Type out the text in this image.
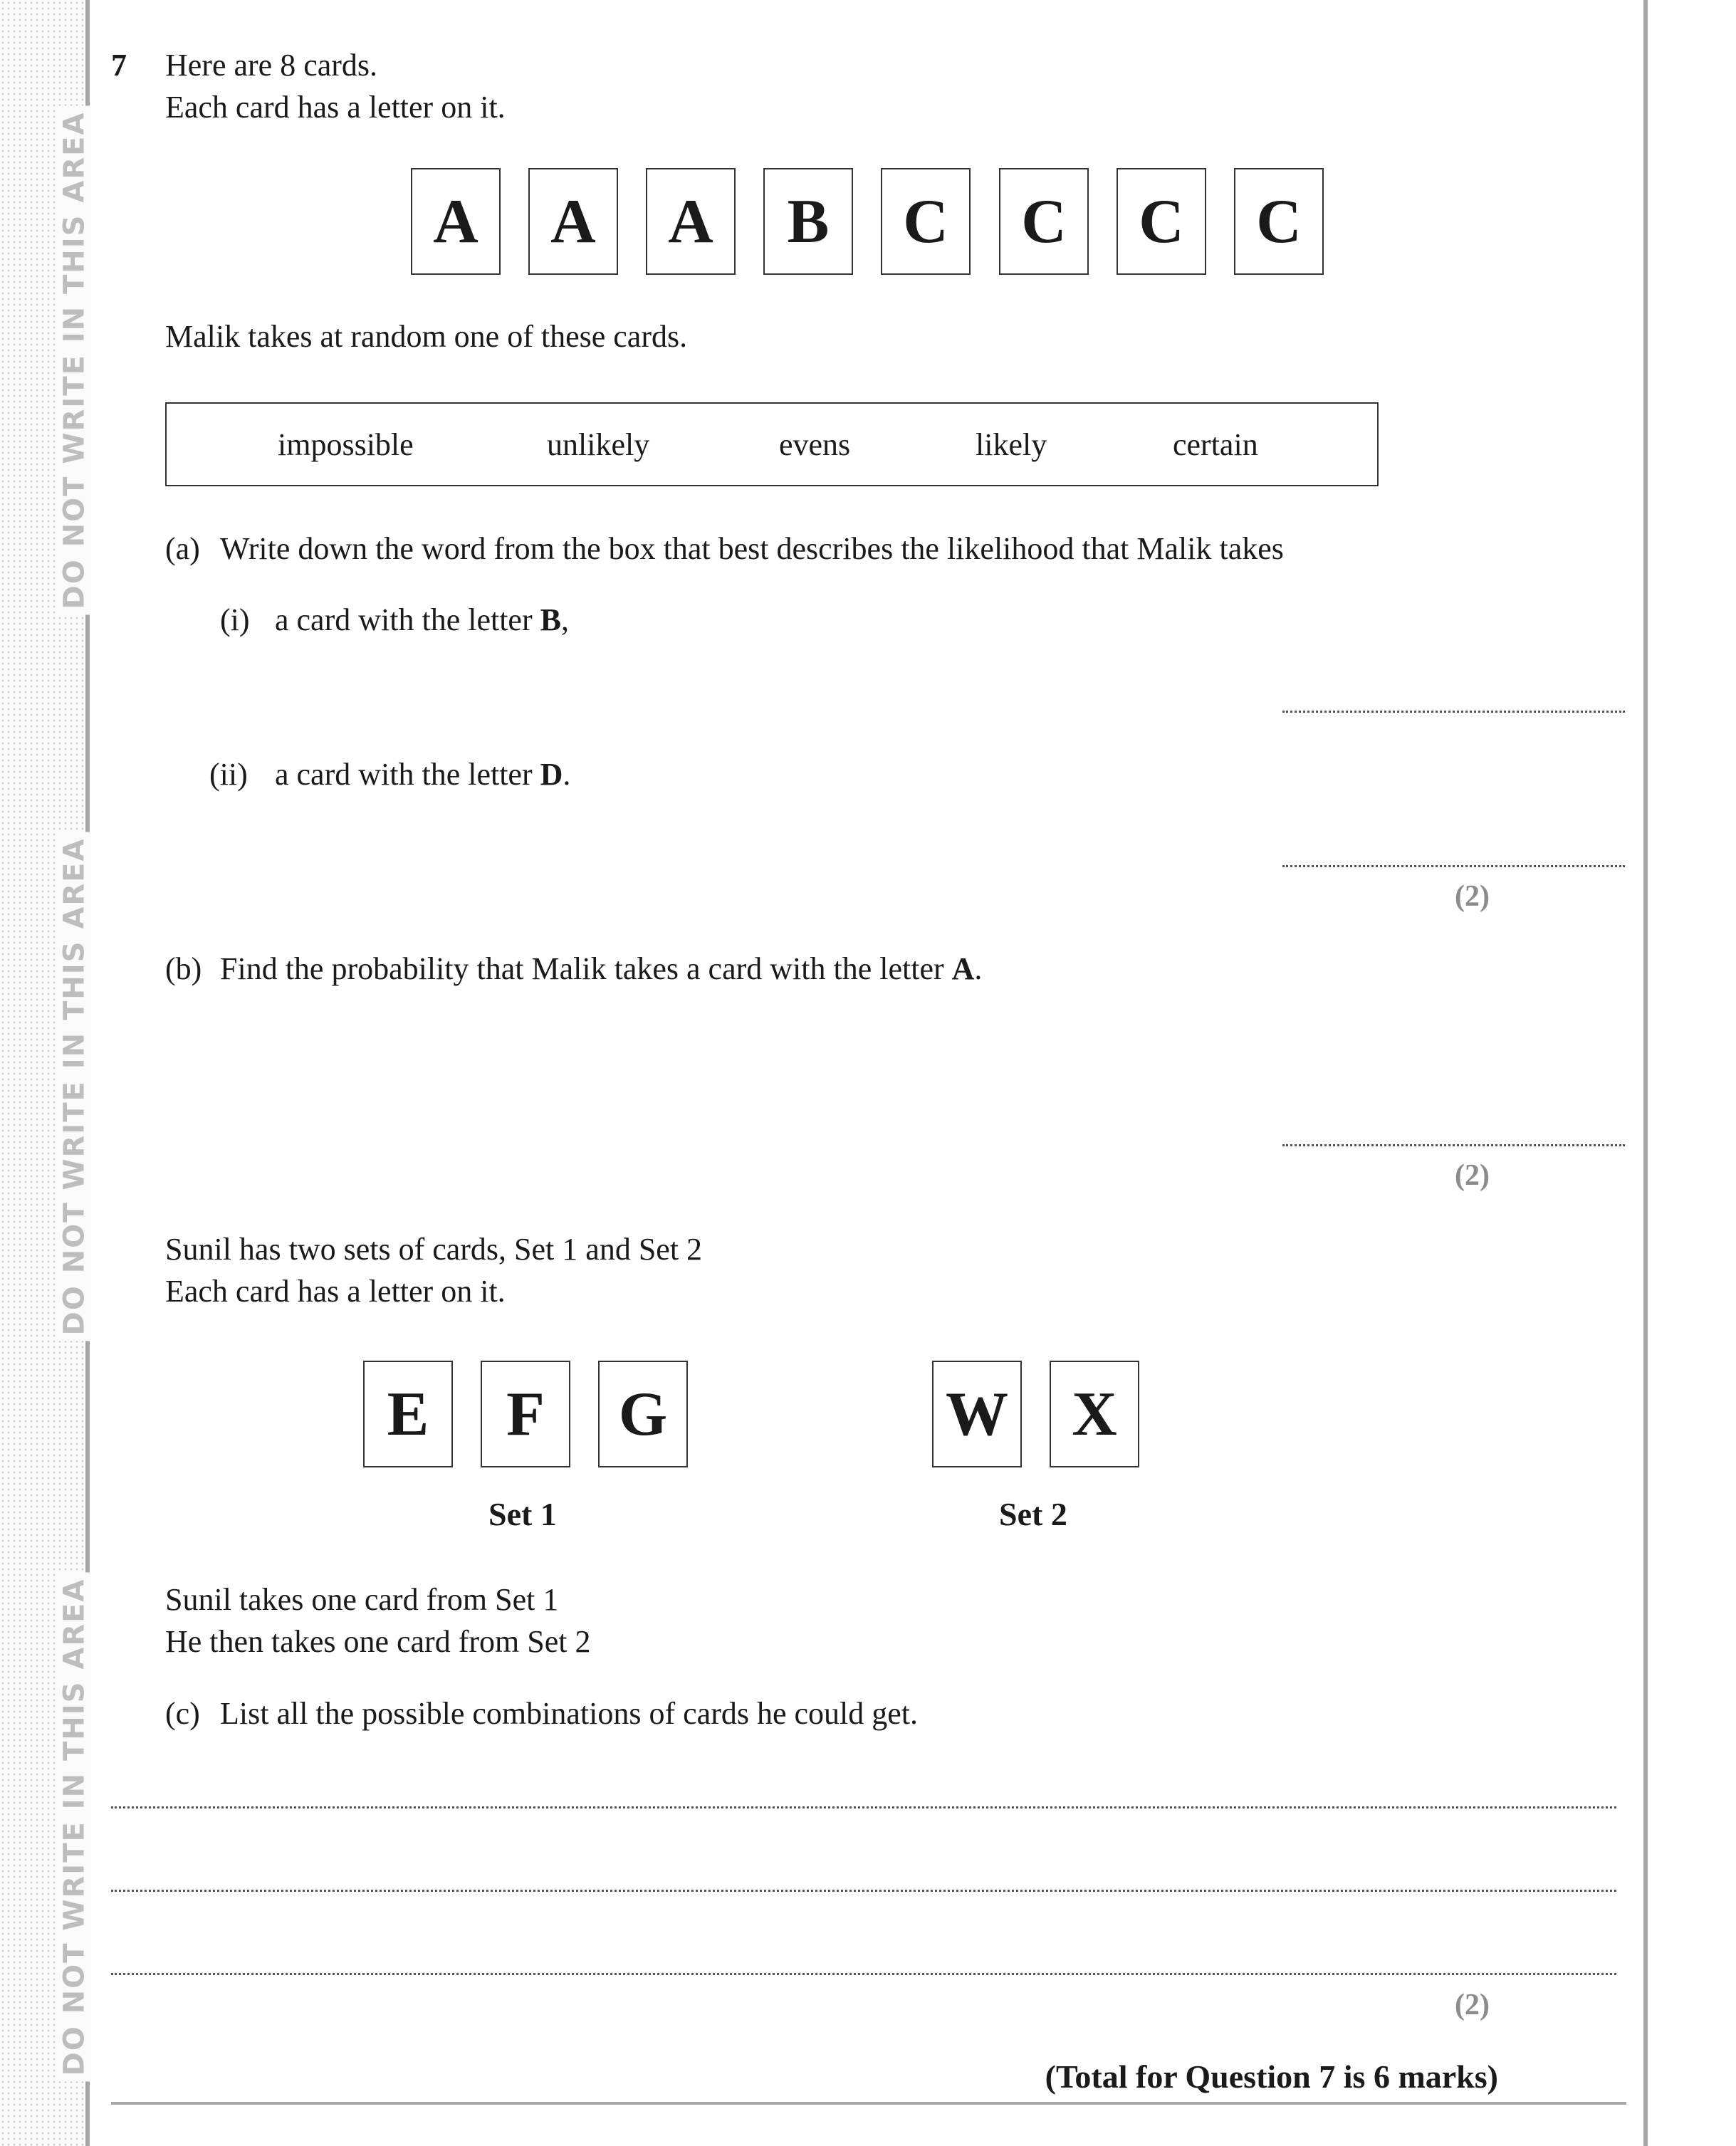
DO NOT WRITE IN THIS AREA
DO NOT WRITE IN THIS AREA
DO NOT WRITE IN THIS AREA
7 Here are 8 cards.
Each card has a letter on it.
A	A	A	B	C	C	C	C
Malik takes at random one of these cards.
impossible	unlikely	evens	likely	certain
(a) Write down the word from the box that best describes the likelihood that Malik takes
(i) a card with the letter B,
(ii) a card with the letter D.
(2)
(b) Find the probability that Malik takes a card with the letter A.
(2)
Sunil has two sets of cards, Set 1 and Set 2
Each card has a letter on it.
E	F	G
Set 1
W	X
Set 2
Sunil takes one card from Set 1
He then takes one card from Set 2
(c) List all the possible combinations of cards he could get.
(2)
(Total for Question 7 is 6 marks)
